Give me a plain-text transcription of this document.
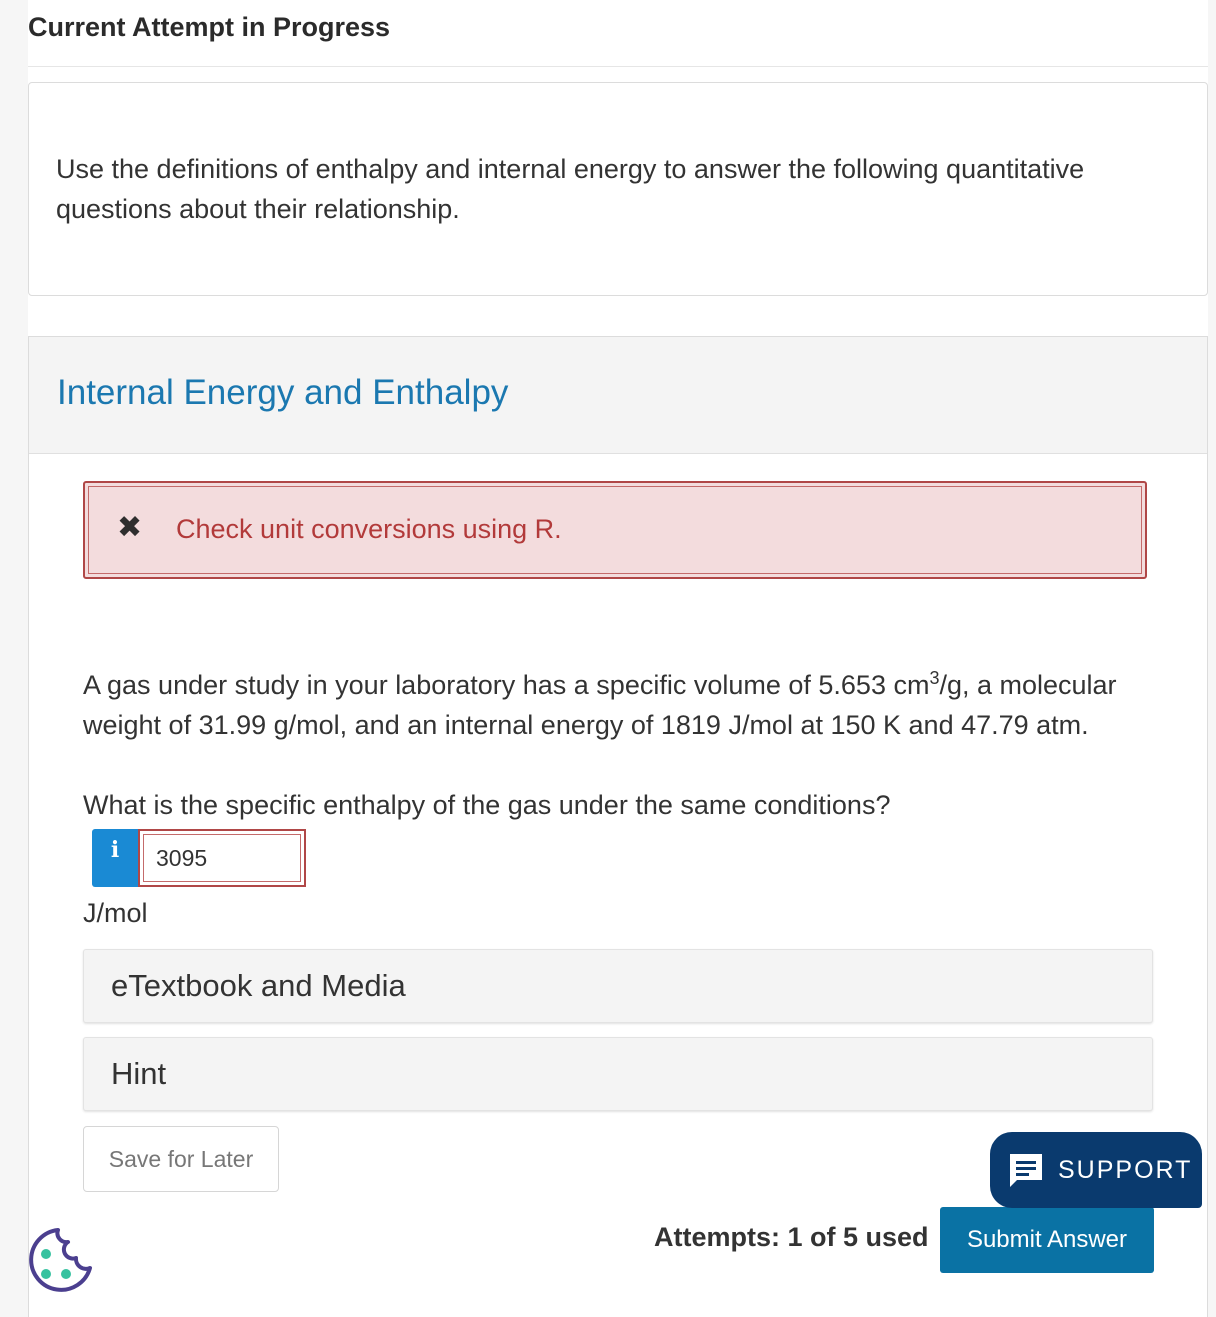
Current Attempt in Progress
Use the definitions of enthalpy and internal energy to answer the following quantitative questions about their relationship.
Internal Energy and Enthalpy
✖ Check unit conversions using R.
A gas under study in your laboratory has a specific volume of 5.653 $cm^3/g$, a molecular weight of 31.99 g/mol, and an internal energy of 1819 J/mol at 150 K and 47.79 atm.
What is the specific enthalpy of the gas under the same conditions?
i
3095
J/mol
eTextbook and Media
Hint
Save for Later
Attempts: 1 of 5 used	Submit Answer
SUPPORT
